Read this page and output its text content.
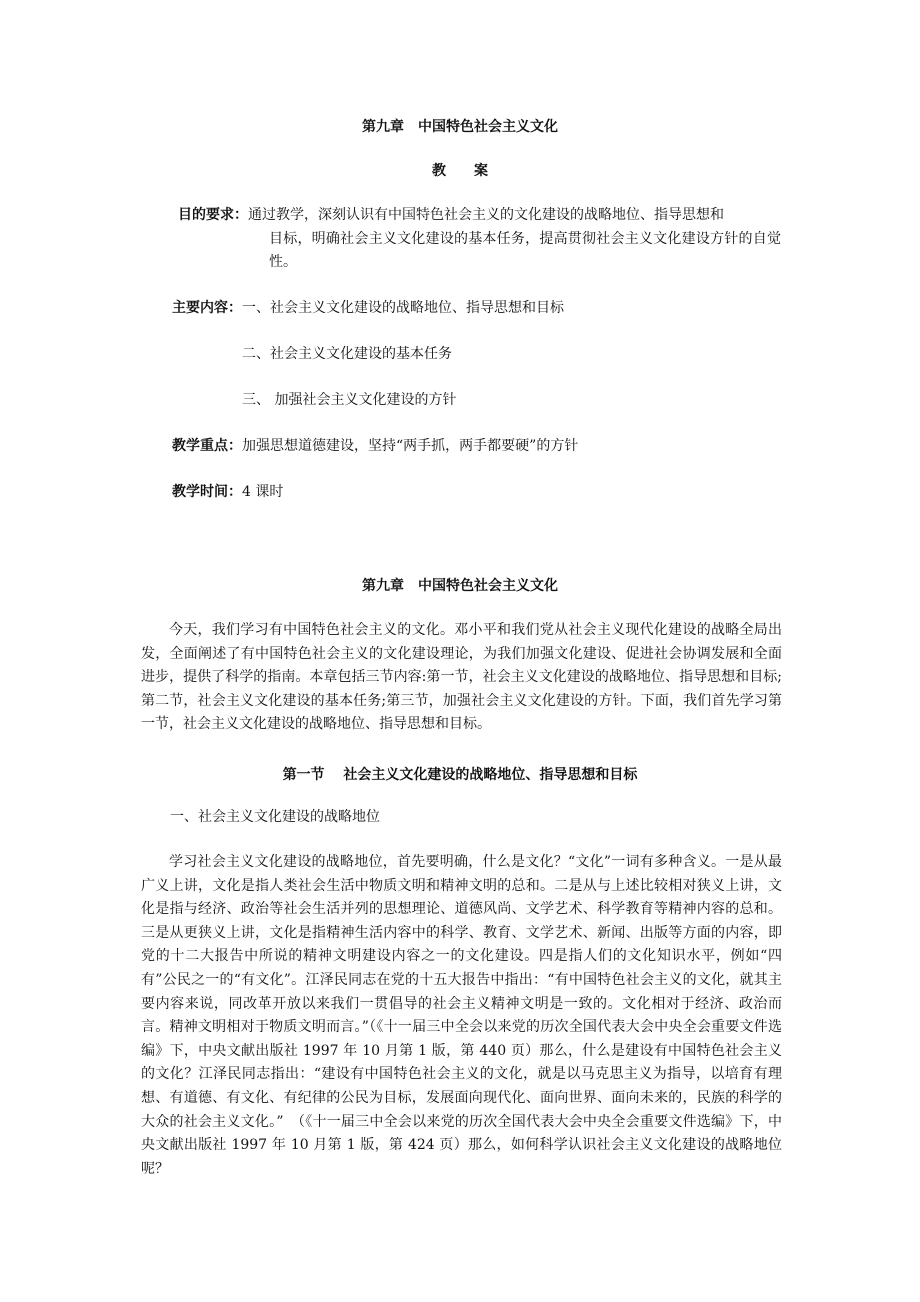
第九章　中国特色社会主义文化
教　　案
目的要求：通过教学，深刻认识有中国特色社会主义的文化建设的战略地位、指导思想和

目标，明确社会主义文化建设的基本任务，提高贯彻社会主义文化建设方针的自觉性。

主要内容：一、社会主义文化建设的战略地位、指导思想和目标
二、社会主义文化建设的基本任务
三、 加强社会主义文化建设的方针
教学重点：加强思想道德建设，坚持“两手抓，两手都要硬”的方针
教学时间：4 课时
第九章　中国特色社会主义文化

今天，我们学习有中国特色社会主义的文化。邓小平和我们党从社会主义现代化建设的战略全局出发，全面阐述了有中国特色社会主义的文化建设理论，为我们加强文化建设、促进社会协调发展和全面进步，提供了科学的指南。本章包括三节内容:第一节，社会主义文化建设的战略地位、指导思想和目标;第二节，社会主义文化建设的基本任务;第三节，加强社会主义文化建设的方针。下面，我们首先学习第一节，社会主义文化建设的战略地位、指导思想和目标。

第一节　 社会主义文化建设的战略地位、指导思想和目标
一、社会主义文化建设的战略地位

学习社会主义文化建设的战略地位，首先要明确，什么是文化？“文化”一词有多种含义。一是从最广义上讲，文化是指人类社会生活中物质文明和精神文明的总和。二是从与上述比较相对狭义上讲，文化是指与经济、政治等社会生活并列的思想理论、道德风尚、文学艺术、科学教育等精神内容的总和。三是从更狭义上讲，文化是指精神生活内容中的科学、教育、文学艺术、新闻、出版等方面的内容，即党的十二大报告中所说的精神文明建设内容之一的文化建设。四是指人们的文化知识水平，例如“四有”公民之一的“有文化”。江泽民同志在党的十五大报告中指出：“有中国特色社会主义的文化，就其主要内容来说，同改革开放以来我们一贯倡导的社会主义精神文明是一致的。文化相对于经济、政治而言。精神文明相对于物质文明而言。”（《十一届三中全会以来党的历次全国代表大会中央全会重要文件选编》下，中央文献出版社 1997 年 10 月第 1 版，第 440 页）那么，什么是建设有中国特色社会主义的文化？江泽民同志指出：“建设有中国特色社会主义的文化，就是以马克思主义为指导，以培育有理想、有道德、有文化、有纪律的公民为目标，发展面向现代化、面向世界、面向未来的，民族的科学的大众的社会主义文化。”　（《十一届三中全会以来党的历次全国代表大会中央全会重要文件选编》下，中央文献出版社 1997 年 10 月第 1 版，第 424 页）那么，如何科学认识社会主义文化建设的战略地位呢？
